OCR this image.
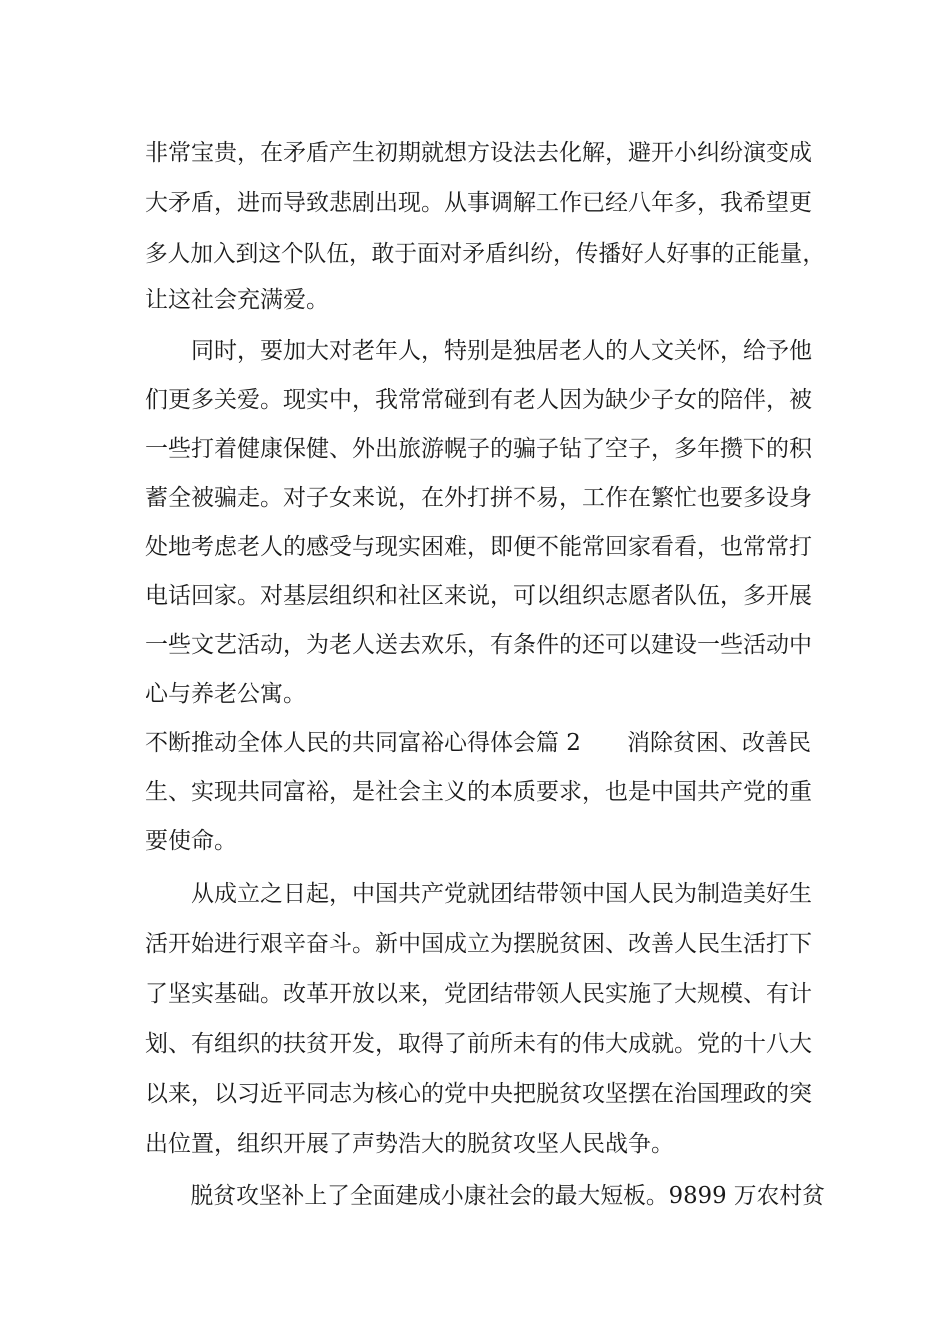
非常宝贵，在矛盾产生初期就想方设法去化解，避开小纠纷演变成
大矛盾，进而导致悲剧出现。从事调解工作已经八年多，我希望更
多人加入到这个队伍，敢于面对矛盾纠纷，传播好人好事的正能量，
让这社会充满爱。
　　同时，要加大对老年人，特别是独居老人的人文关怀，给予他
们更多关爱。现实中，我常常碰到有老人因为缺少子女的陪伴，被
一些打着健康保健、外出旅游幌子的骗子钻了空子，多年攒下的积
蓄全被骗走。对子女来说，在外打拼不易，工作在繁忙也要多设身
处地考虑老人的感受与现实困难，即便不能常回家看看，也常常打
电话回家。对基层组织和社区来说，可以组织志愿者队伍，多开展
一些文艺活动，为老人送去欢乐，有条件的还可以建设一些活动中
心与养老公寓。
不断推动全体人民的共同富裕心得体会篇 2　　消除贫困、改善民
生、实现共同富裕，是社会主义的本质要求，也是中国共产党的重
要使命。
　　从成立之日起，中国共产党就团结带领中国人民为制造美好生
活开始进行艰辛奋斗。新中国成立为摆脱贫困、改善人民生活打下
了坚实基础。改革开放以来，党团结带领人民实施了大规模、有计
划、有组织的扶贫开发，取得了前所未有的伟大成就。党的十八大
以来，以习近平同志为核心的党中央把脱贫攻坚摆在治国理政的突
出位置，组织开展了声势浩大的脱贫攻坚人民战争。
　　脱贫攻坚补上了全面建成小康社会的最大短板。9899 万农村贫
